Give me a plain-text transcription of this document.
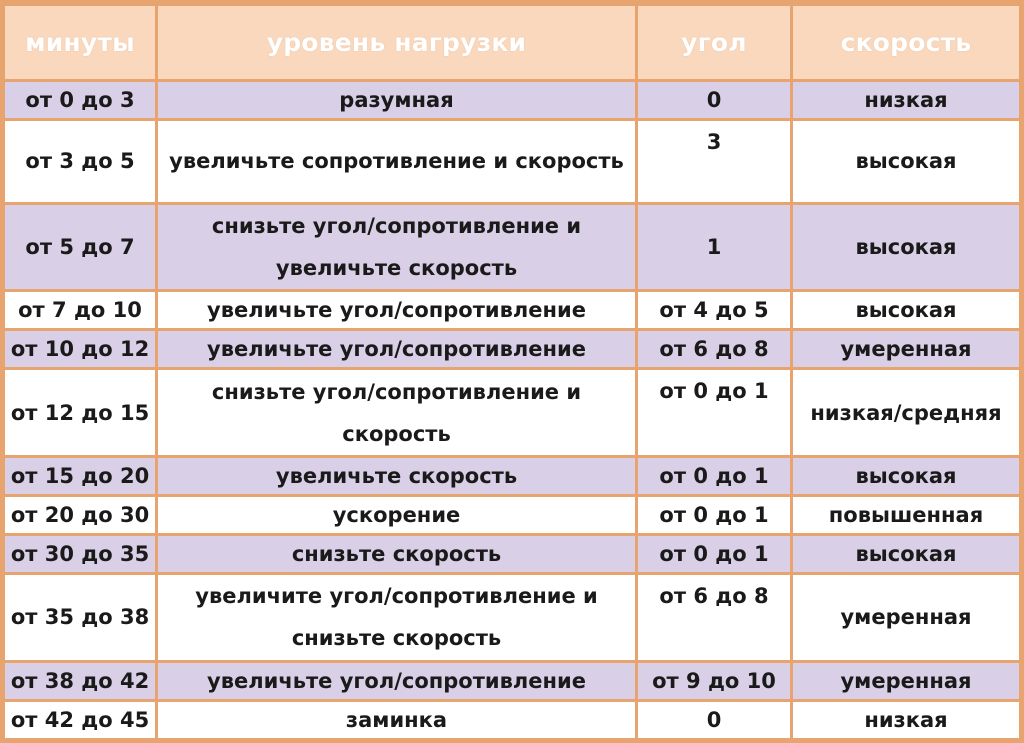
минуты	уровень нагрузки	угол	скорость
от 0 до 3	разумная	0	низкая
от 3 до 5	увеличьте сопротивление и скорость	3	высокая
от 5 до 7	снизьте угол/сопротивление и увеличьте скорость	1	высокая
от 7 до 10	увеличьте угол/сопротивление	от 4 до 5	высокая
от 10 до 12	увеличьте угол/сопротивление	от 6 до 8	умеренная
от 12 до 15	снизьте угол/сопротивление и скорость	от 0 до 1	низкая/средняя
от 15 до 20	увеличьте скорость	от 0 до 1	высокая
от 20 до 30	ускорение	от 0 до 1	повышенная
от 30 до 35	снизьте скорость	от 0 до 1	высокая
от 35 до 38	увеличите угол/сопротивление и снизьте скорость	от 6 до 8	умеренная
от 38 до 42	увеличьте угол/сопротивление	от 9 до 10	умеренная
от 42 до 45	заминка	0	низкая
